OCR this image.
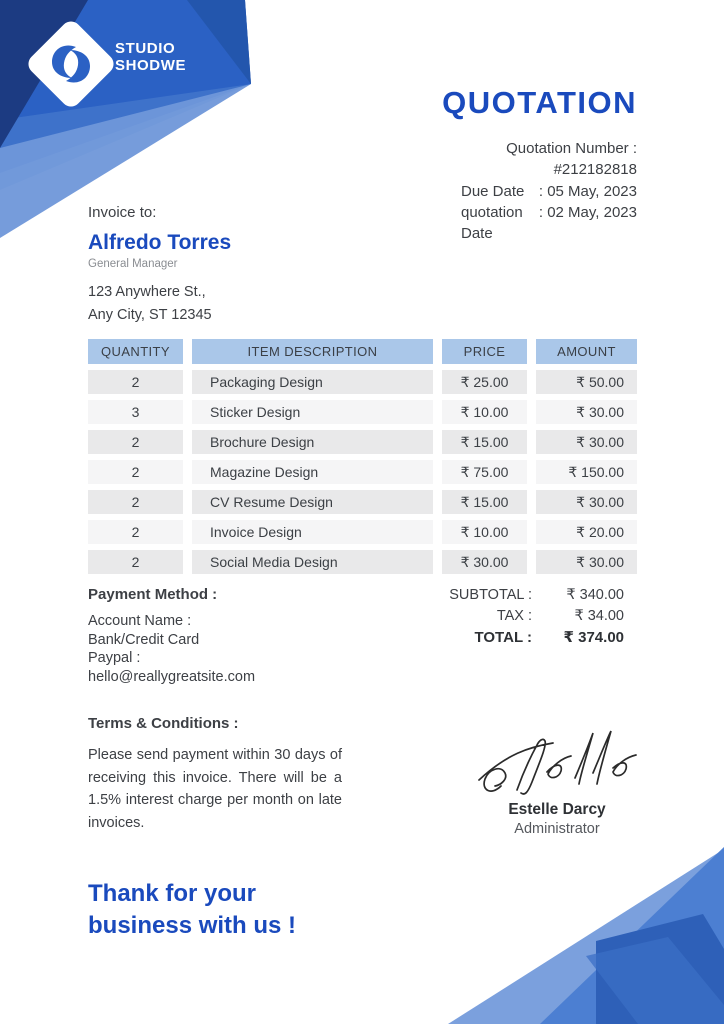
STUDIO
SHODWE
QUOTATION
Quotation Number :
#212182818
Due Date : 05 May, 2023
quotation Date
: 02 May, 2023
Invoice to:
Alfredo Torres
General Manager
123 Anywhere St.,
Any City, ST 12345
QUANTITY	ITEM DESCRIPTION	PRICE	AMOUNT
2	Packaging Design	₹ 25.00	₹ 50.00
3	Sticker Design	₹ 10.00	₹ 30.00
2	Brochure Design	₹ 15.00	₹ 30.00
2	Magazine Design	₹ 75.00	₹ 150.00
2	CV Resume Design	₹ 15.00	₹ 30.00
2	Invoice Design	₹ 10.00	₹ 20.00
2	Social Media Design	₹ 30.00	₹ 30.00
Payment Method :
Account Name :
Bank/Credit Card
Paypal :
hello@reallygreatsite.com
SUBTOTAL :	₹ 340.00
TAX :	₹ 34.00
TOTAL :	₹ 374.00
Terms & Conditions :
Please send payment within 30 days of receiving this invoice. There will be a 1.5% interest charge per month on late invoices.
Estelle Darcy
Administrator
Thank for your
business with us !
